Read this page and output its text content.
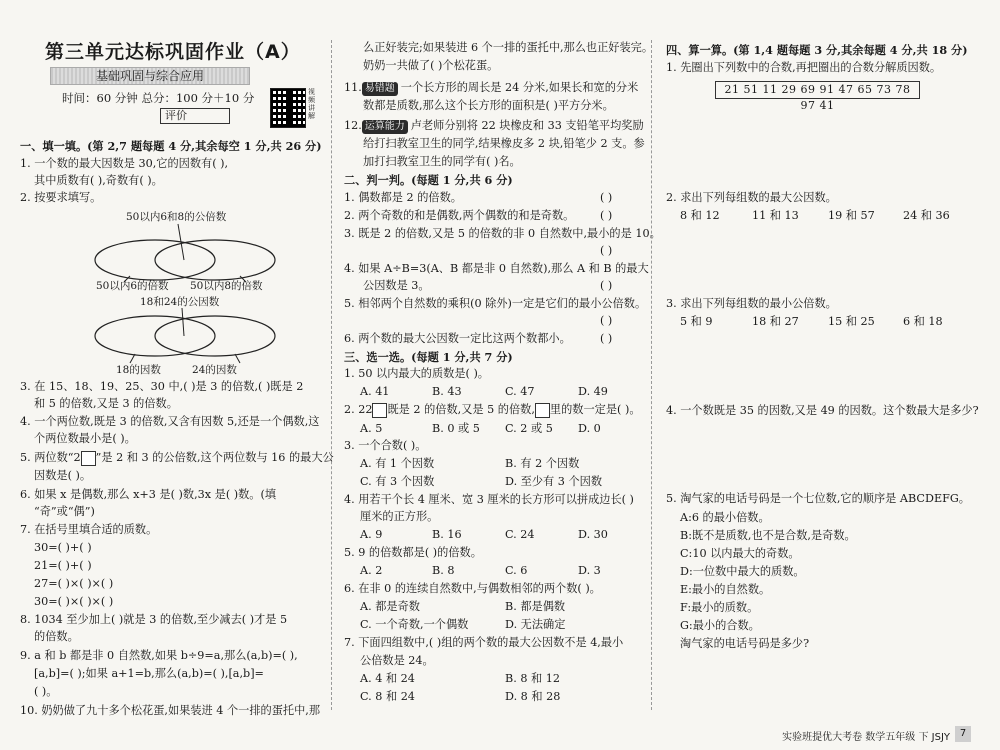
第三单元达标巩固作业（A）
基础巩固与综合应用
时间：60 分钟 总分：100 分＋10 分
评价
视频讲解
一、填一填。(第 2,7 题每题 4 分,其余每空 1 分,共 26 分)
1. 一个数的最大因数是 30,它的因数有( ),
其中质数有( ),奇数有( )。
2. 按要求填写。
50以内6和8的公倍数
50以内6的倍数 50以内8的倍数
18和24的公因数
18的因数	24的因数
3. 在 15、18、19、25、30 中,( )是 3 的倍数,( )既是 2
和 5 的倍数,又是 3 的倍数。
4. 一个两位数,既是 3 的倍数,又含有因数 5,还是一个偶数,这
个两位数最小是( )。
5. 两位数“2 ”是 2 和 3 的公倍数,这个两位数与 16 的最大公
因数是( )。
6. 如果 x 是偶数,那么 x+3 是( )数,3x 是( )数。(填
“奇”或“偶”)
7. 在括号里填合适的质数。
30=( )+( )
21=( )+( )
27=( )×( )×( )
30=( )×( )×( )
8. 1034 至少加上( )就是 3 的倍数,至少减去( )才是 5
的倍数。
9. a 和 b 都是非 0 自然数,如果 b÷9=a,那么(a,b)=( ),
[a,b]=( );如果 a+1=b,那么(a,b)=( ),[a,b]=
( )。
10. 奶奶做了九十多个松花蛋,如果装进 4 个一排的蛋托中,那
么正好装完;如果装进 6 个一排的蛋托中,那么也正好装完。
奶奶一共做了( )个松花蛋。
11. 易错题 一个长方形的周长是 24 分米,如果长和宽的分米
数都是质数,那么这个长方形的面积是( )平方分米。
12. 运算能力 卢老师分别将 22 块橡皮和 33 支铅笔平均奖励
给打扫教室卫生的同学,结果橡皮多 2 块,铅笔少 2 支。参
加打扫教室卫生的同学有( )名。
二、判一判。(每题 1 分,共 6 分)
1. 偶数都是 2 的倍数。	( )
2. 两个奇数的和是偶数,两个偶数的和是奇数。 ( )
3. 既是 2 的倍数,又是 5 的倍数的非 0 自然数中,最小的是 10。
( )
4. 如果 A÷B=3(A、B 都是非 0 自然数),那么 A 和 B 的最大
公因数是 3。	( )
5. 相邻两个自然数的乘积(0 除外)一定是它们的最小公倍数。
( )
6. 两个数的最大公因数一定比这两个数都小。	( )
三、选一选。(每题 1 分,共 7 分)
1. 50 以内最大的质数是( )。
A. 41	B. 43	C. 47	D. 49
2. 22 既是 2 的倍数,又是 5 的倍数, 里的数一定是( )。
A. 5	B. 0 或 5 C. 2 或 5 D. 0
3. 一个合数( )。
A. 有 1 个因数	B. 有 2 个因数
C. 有 3 个因数	D. 至少有 3 个因数
4. 用若干个长 4 厘米、宽 3 厘米的长方形可以拼成边长( )
厘米的正方形。
A. 9	B. 16	C. 24	D. 30
5. 9 的倍数都是( )的倍数。
A. 2	B. 8	C. 6	D. 3
6. 在非 0 的连续自然数中,与偶数相邻的两个数( )。
A. 都是奇数	B. 都是偶数
C. 一个奇数,一个偶数	D. 无法确定
7. 下面四组数中,( )组的两个数的最大公因数不是 4,最小
公倍数是 24。
A. 4 和 24	B. 8 和 12
C. 8 和 24	D. 8 和 28
四、算一算。(第 1,4 题每题 3 分,其余每题 4 分,共 18 分)
1. 先圈出下列数中的合数,再把圈出的合数分解质因数。
21 51 11 29 69 91 47 65 73 78 97 41
2. 求出下列每组数的最大公因数。
8 和 12	11 和 13	19 和 57	24 和 36
3. 求出下列每组数的最小公倍数。
5 和 9	18 和 27	15 和 25	6 和 18
4. 一个数既是 35 的因数,又是 49 的因数。这个数最大是多少?
5. 淘气家的电话号码是一个七位数,它的顺序是 ABCDEFG。
A:6 的最小倍数。
B:既不是质数,也不是合数,是奇数。
C:10 以内最大的奇数。
D:一位数中最大的质数。
E:最小的自然数。
F:最小的质数。
G:最小的合数。
淘气家的电话号码是多少?
实验班提优大考卷 数学五年级 下 JSJY 7
